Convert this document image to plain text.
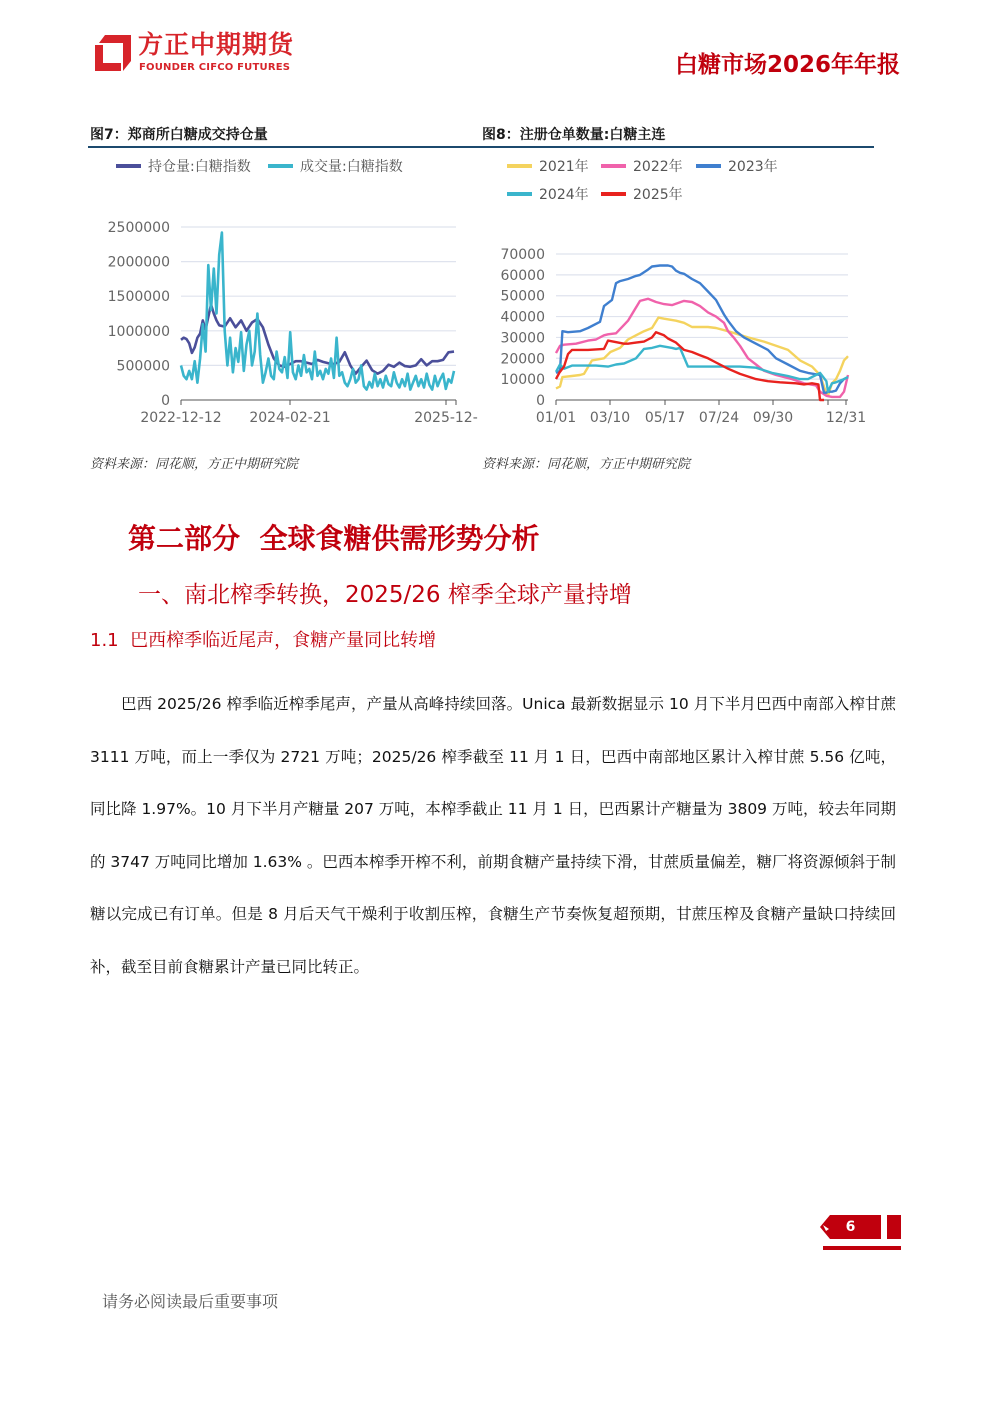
方正中期期货
FOUNDER CIFCO FUTURES	白糖市场2026年年报
图7：郑商所白糖成交持仓量	图8：注册仓单数量:白糖主连
持仓量:白糖指数	成交量:白糖指数	2021年	2022年	2023年
2024年	2025年
0
500000
1000000
1500000
2000000
2500000
2022-12-12 2024-02-21	2025-12-
0
10000
20000
30000
40000
50000
60000
70000
01/01 03/10 05/17 07/24 09/30 12/31
资料来源：同花顺，方正中期研究院	资料来源：同花顺，方正中期研究院
第二部分  全球食糖供需形势分析
一、南北榨季转换，2025/26 榨季全球产量持增
1.1  巴西榨季临近尾声，食糖产量同比转增
巴西 2025/26 榨季临近榨季尾声，产量从高峰持续回落。Unica 最新数据显示 10 月下半月巴西中南部入榨甘蔗 3111 万吨，而上一季仅为 2721 万吨；2025/26 榨季截至 11 月 1 日，巴西中南部地区累计入榨甘蔗 5.56 亿吨，同比降 1.97%。10 月下半月产糖量 207 万吨，本榨季截止 11 月 1 日，巴西累计产糖量为 3809 万吨，较去年同期的 3747 万吨同比增加 1.63% 。巴西本榨季开榨不利，前期食糖产量持续下滑，甘蔗质量偏差，糖厂将资源倾斜于制糖以完成已有订单。但是 8 月后天气干燥利于收割压榨，食糖生产节奏恢复超预期，甘蔗压榨及食糖产量缺口持续回补，截至目前食糖累计产量已同比转正。
6
请务必阅读最后重要事项
